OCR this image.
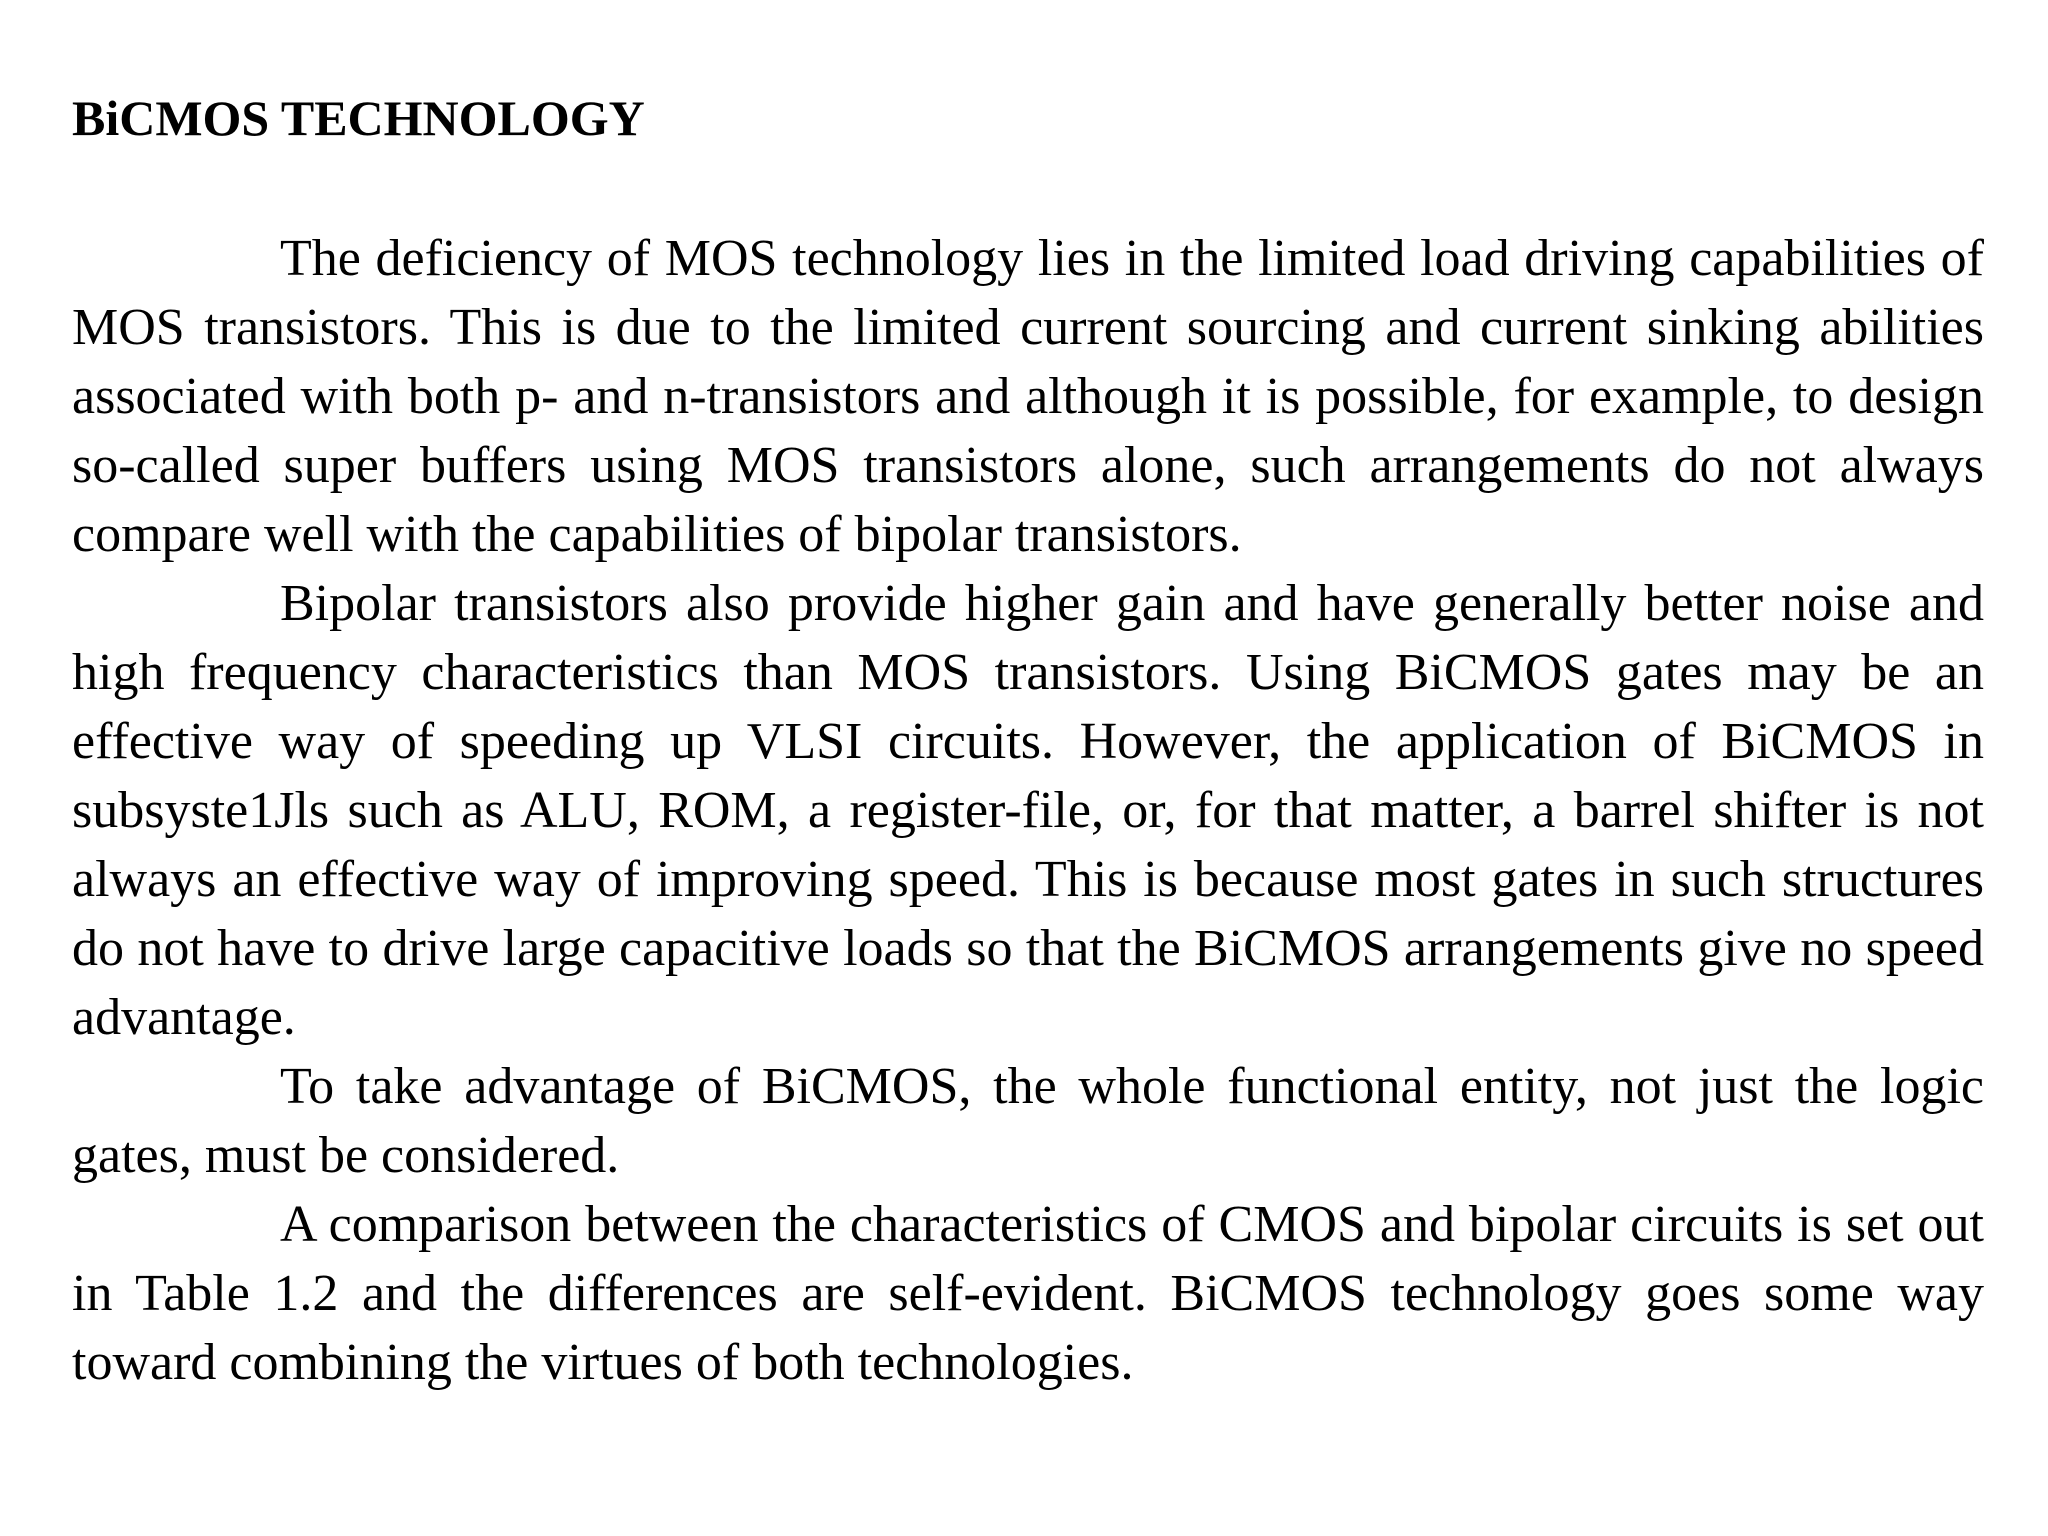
BiCMOS TECHNOLOGY

The deficiency of MOS technology lies in the limited load driving capabilities of MOS transistors. This is due to the limited current sourcing and current sinking abilities associated with both p- and n-transistors and although it is possible, for example, to design so-called super buffers using MOS transistors alone, such arrangements do not always compare well with the capabilities of bipolar transistors.

Bipolar transistors also provide higher gain and have generally better noise and high frequency characteristics than MOS transistors. Using BiCMOS gates may be an effective way of speeding up VLSI circuits. However, the application of BiCMOS in subsyste1Jls such as ALU, ROM, a register-file, or, for that matter, a barrel shifter is not always an effective way of improving speed. This is because most gates in such structures do not have to drive large capacitive loads so that the BiCMOS arrangements give no speed advantage.

To take advantage of BiCMOS, the whole functional entity, not just the logic gates, must be considered.

A comparison between the characteristics of CMOS and bipolar circuits is set out in Table 1.2 and the differences are self-evident. BiCMOS technology goes some way toward combining the virtues of both technologies.
